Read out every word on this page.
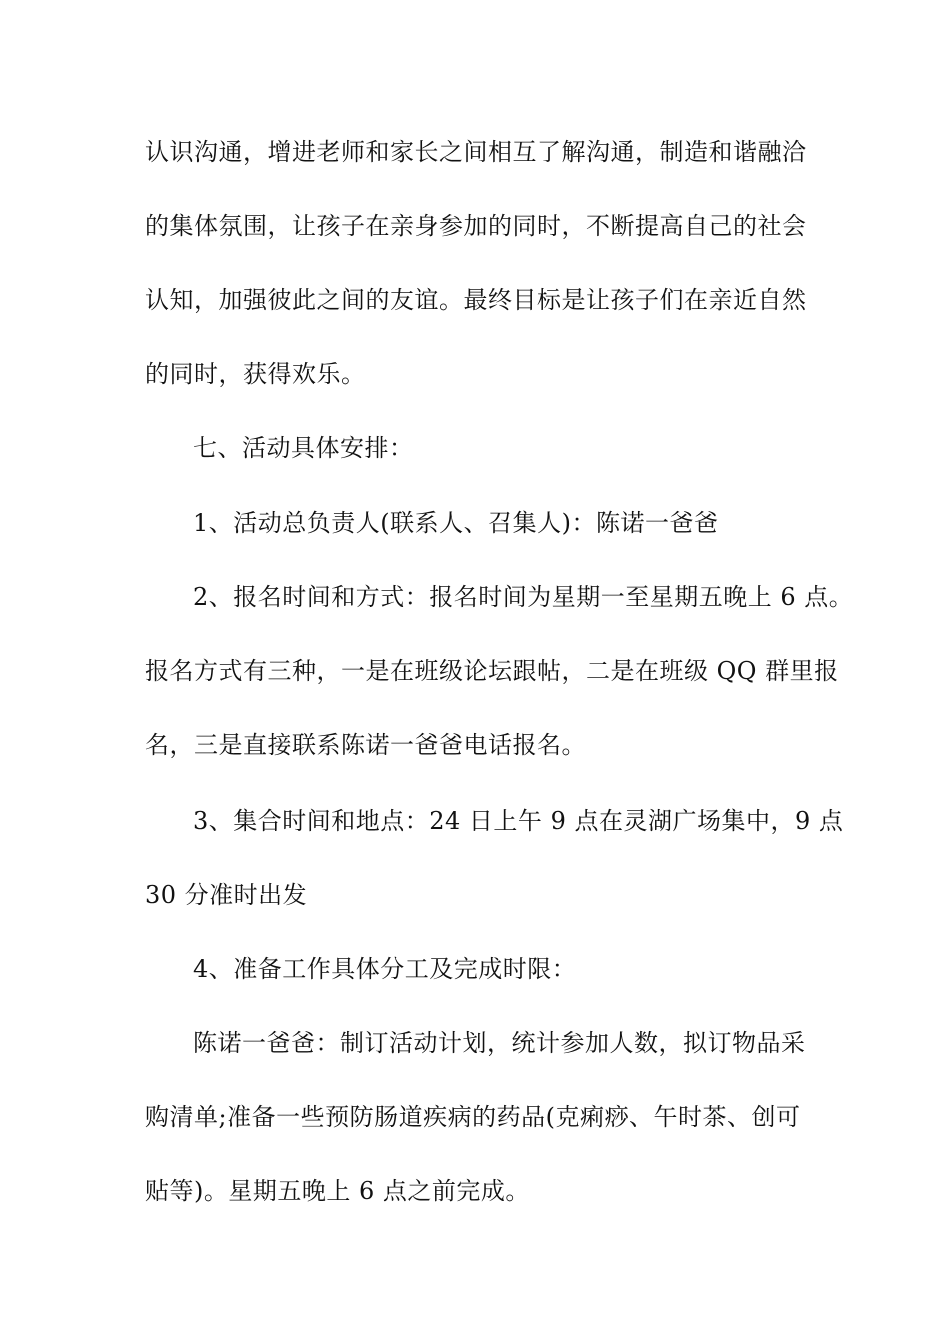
认识沟通，增进老师和家长之间相互了解沟通，制造和谐融洽
的集体氛围，让孩子在亲身参加的同时，不断提高自己的社会
认知，加强彼此之间的友谊。最终目标是让孩子们在亲近自然
的同时，获得欢乐。
七、活动具体安排：
1、活动总负责人(联系人、召集人)：陈诺一爸爸
2、报名时间和方式：报名时间为星期一至星期五晚上 6 点。
报名方式有三种，一是在班级论坛跟帖，二是在班级 QQ 群里报
名，三是直接联系陈诺一爸爸电话报名。
3、集合时间和地点：24 日上午 9 点在灵湖广场集中，9 点
30 分准时出发
4、准备工作具体分工及完成时限：
陈诺一爸爸：制订活动计划，统计参加人数，拟订物品采
购清单;准备一些预防肠道疾病的药品(克痢痧、午时茶、创可
贴等)。星期五晚上 6 点之前完成。
